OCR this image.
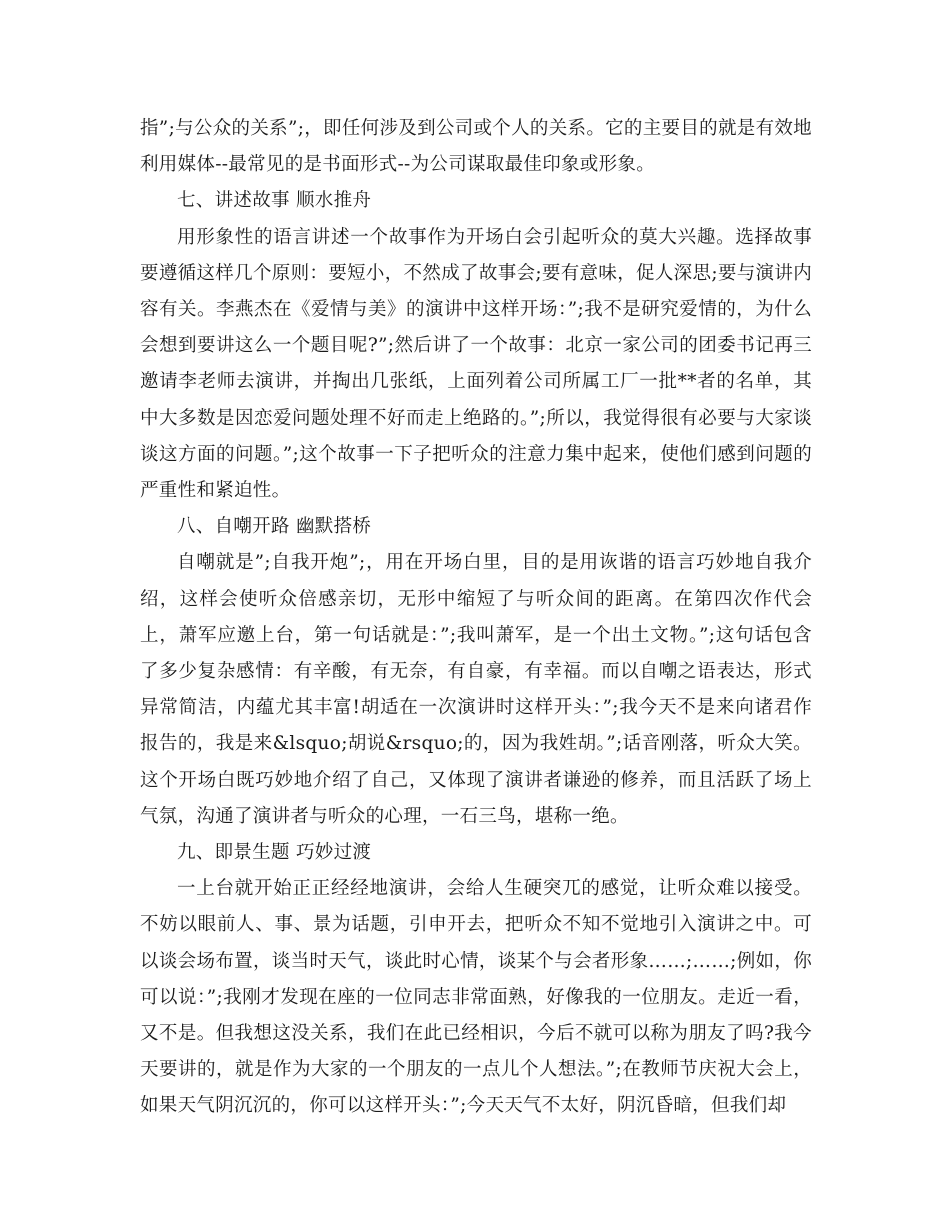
指”;与公众的关系”;，即任何涉及到公司或个人的关系。它的主要目的就是有效地利用媒体--最常见的是书面形式--为公司谋取最佳印象或形象。

七、讲述故事 顺水推舟

用形象性的语言讲述一个故事作为开场白会引起听众的莫大兴趣。选择故事要遵循这样几个原则：要短小，不然成了故事会;要有意味，促人深思;要与演讲内容有关。李燕杰在《爱情与美》的演讲中这样开场：”;我不是研究爱情的，为什么会想到要讲这么一个题目呢?”;然后讲了一个故事：北京一家公司的团委书记再三邀请李老师去演讲，并掏出几张纸，上面列着公司所属工厂一批**者的名单，其中大多数是因恋爱问题处理不好而走上绝路的。”;所以，我觉得很有必要与大家谈谈这方面的问题。”;这个故事一下子把听众的注意力集中起来，使他们感到问题的严重性和紧迫性。

八、自嘲开路 幽默搭桥

自嘲就是”;自我开炮”;，用在开场白里，目的是用诙谐的语言巧妙地自我介绍，这样会使听众倍感亲切，无形中缩短了与听众间的距离。在第四次作代会上，萧军应邀上台，第一句话就是：”;我叫萧军，是一个出土文物。”;这句话包含了多少复杂感情：有辛酸，有无奈，有自豪，有幸福。而以自嘲之语表达，形式异常简洁，内蕴尤其丰富!胡适在一次演讲时这样开头：”;我今天不是来向诸君作报告的，我是来&lsquo;胡说&rsquo;的，因为我姓胡。”;话音刚落，听众大笑。这个开场白既巧妙地介绍了自己，又体现了演讲者谦逊的修养，而且活跃了场上气氛，沟通了演讲者与听众的心理，一石三鸟，堪称一绝。

九、即景生题 巧妙过渡

一上台就开始正正经经地演讲，会给人生硬突兀的感觉，让听众难以接受。不妨以眼前人、事、景为话题，引申开去，把听众不知不觉地引入演讲之中。可以谈会场布置，谈当时天气，谈此时心情，谈某个与会者形象……;……;例如，你可以说：”;我刚才发现在座的一位同志非常面熟，好像我的一位朋友。走近一看，又不是。但我想这没关系，我们在此已经相识，今后不就可以称为朋友了吗?我今天要讲的，就是作为大家的一个朋友的一点儿个人想法。”;在教师节庆祝大会上，如果天气阴沉沉的，你可以这样开头：”;今天天气不太好，阴沉昏暗，但我们却
